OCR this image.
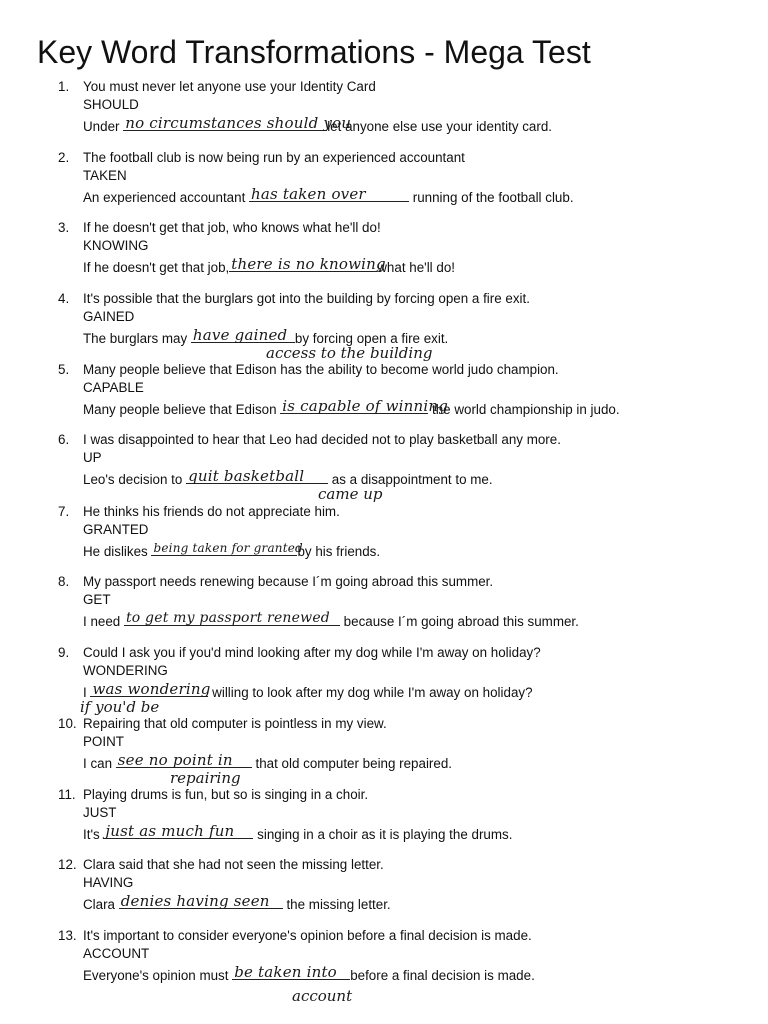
Key Word Transformations - Mega Test
1. You must never let anyone use your Identity Card
SHOULD
Under no circumstances should you
let anyone else use your identity card.
2. The football club is now being run by an experienced accountant
TAKEN
An experienced accountant has taken over	running of the football club.
3. If he doesn't get that job, who knows what he'll do!
KNOWING
If he doesn't get that job, there is no knowing
what he'll do!
4. It's possible that the burglars got into the building by forcing open a fire exit.
GAINED
The burglars may have gained by forcing open a fire exit.
access to the building
5. Many people believe that Edison has the ability to become world judo champion.
CAPABLE
Many people believe that Edison is capable of winning
the world championship in judo.
6. I was disappointed to hear that Leo had decided not to play basketball any more.
UP
Leo's decision to quit basketball as a disappointment to me.
came up
7. He thinks his friends do not appreciate him.
GRANTED
He dislikes being taken for granted
by his friends.
8. My passport needs renewing because I´m going abroad this summer.
GET
I need to get my passport renewed because I´m going abroad this summer.
9. Could I ask you if you'd mind looking after my dog while I'm away on holiday?
WONDERING
I was wondering
willing to look after my dog while I'm away on holiday?
if you'd be
10. Repairing that old computer is pointless in my view.
POINT
I can see no point in that old computer being repaired.
repairing
11. Playing drums is fun, but so is singing in a choir.
JUST
It's just as much fun singing in a choir as it is playing the drums.
12. Clara said that she had not seen the missing letter.
HAVING
Clara denies having seen the missing letter.
13. It's important to consider everyone's opinion before a final decision is made.
ACCOUNT
Everyone's opinion must be taken into before a final decision is made.
account
